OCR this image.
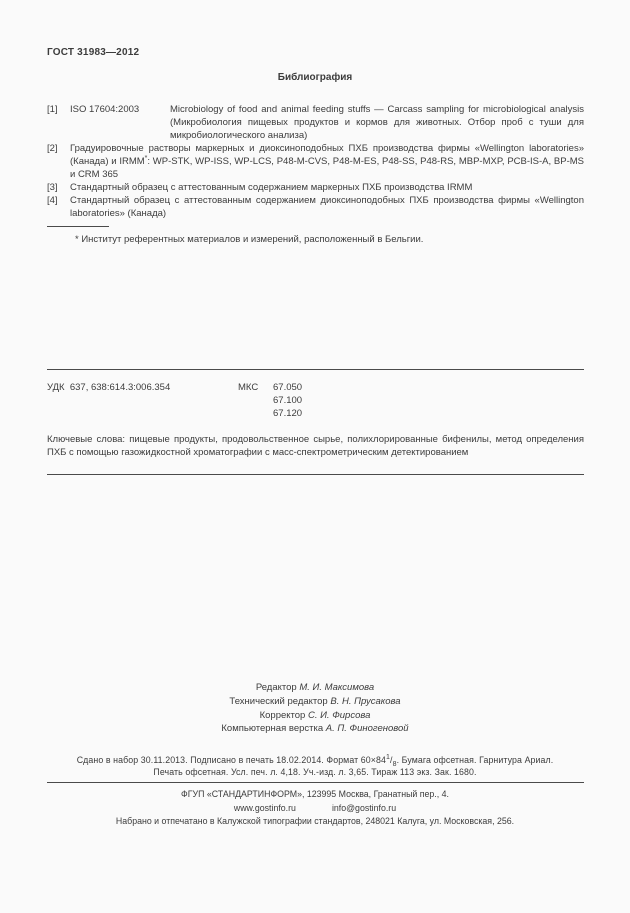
ГОСТ 31983—2012
Библиография
[1]	ISO 17604:2003	Microbiology of food and animal feeding stuffs — Carcass sampling for microbiological analysis (Микробиология пищевых продуктов и кормов для животных. Отбор проб с туши для микробиологического анализа)
[2]	Градуировочные растворы маркерных и диоксиноподобных ПХБ производства фирмы «Wellington laboratories» (Канада) и IRMM*: WP-STK, WP-ISS, WP-LCS, P48-M-CVS, P48-M-ES, P48-SS, P48-RS, MBP-MXP, PCB-IS-A, BP-MS и CRM 365
[3]	Стандартный образец с аттестованным содержанием маркерных ПХБ производства IRMM
[4]	Стандартный образец с аттестованным содержанием диоксиноподобных ПХБ производства фирмы «Wellington laboratories» (Канада)
* Институт референтных материалов и измерений, расположенный в Бельгии.
УДК  637, 638:614.3:006.354	МКС 67.050
67.100
67.120
Ключевые слова: пищевые продукты, продовольственное сырье, полихлорированные бифенилы, метод определения ПХБ с помощью газожидкостной хроматографии с масс-спектрометрическим детектированием
Редактор М. И. Максимова
Технический редактор В. Н. Прусакова
Корректор С. И. Фирсова
Компьютерная верстка А. П. Финогеновой
Сдано в набор 30.11.2013. Подписано в печать 18.02.2014. Формат $60\times 84^1/_8$. Бумага офсетная. Гарнитура Ариал.
Печать офсетная. Усл. печ. л. 4,18. Уч.-изд. л. 3,65. Тираж 113 экз. Зак. 1680.
ФГУП «СТАНДАРТИНФОРМ», 123995 Москва, Гранатный пер., 4.
www.gostinfo.ru	info@gostinfo.ru
Набрано и отпечатано в Калужской типографии стандартов, 248021 Калуга, ул. Московская, 256.
